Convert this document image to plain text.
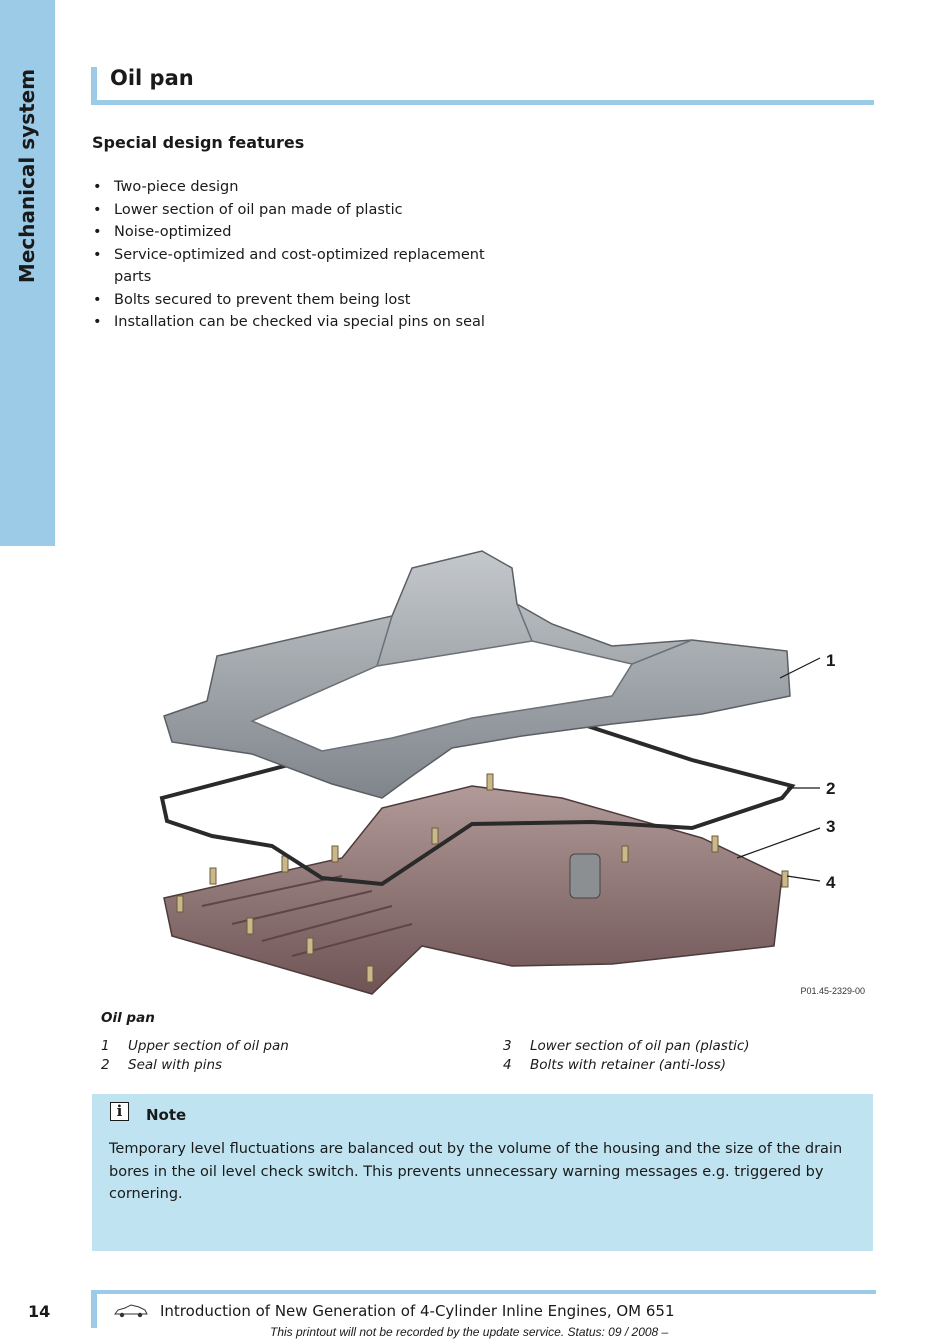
Mechanical system	Oil pan
Special design features
• Two-piece design
• Lower section of oil pan made of plastic
• Noise-optimized
• Service-optimized and cost-optimized replacement parts
• Bolts secured to prevent them being lost
• Installation can be checked via special pins on seal
1
2
3
4
P01.45-2329-00
Oil pan
1	Upper section of oil pan
2	Seal with pins
3	Lower section of oil pan (plastic)
4	Bolts with retainer (anti-loss)
i	Note
Temporary level fluctuations are balanced out by the volume of the housing and the size of the drain bores in the oil level check switch. This prevents unnecessary warning messages e.g. triggered by cornering.
14	Introduction of New Generation of 4-Cylinder Inline Engines, OM 651
This printout will not be recorded by the update service. Status: 09 / 2008 –
